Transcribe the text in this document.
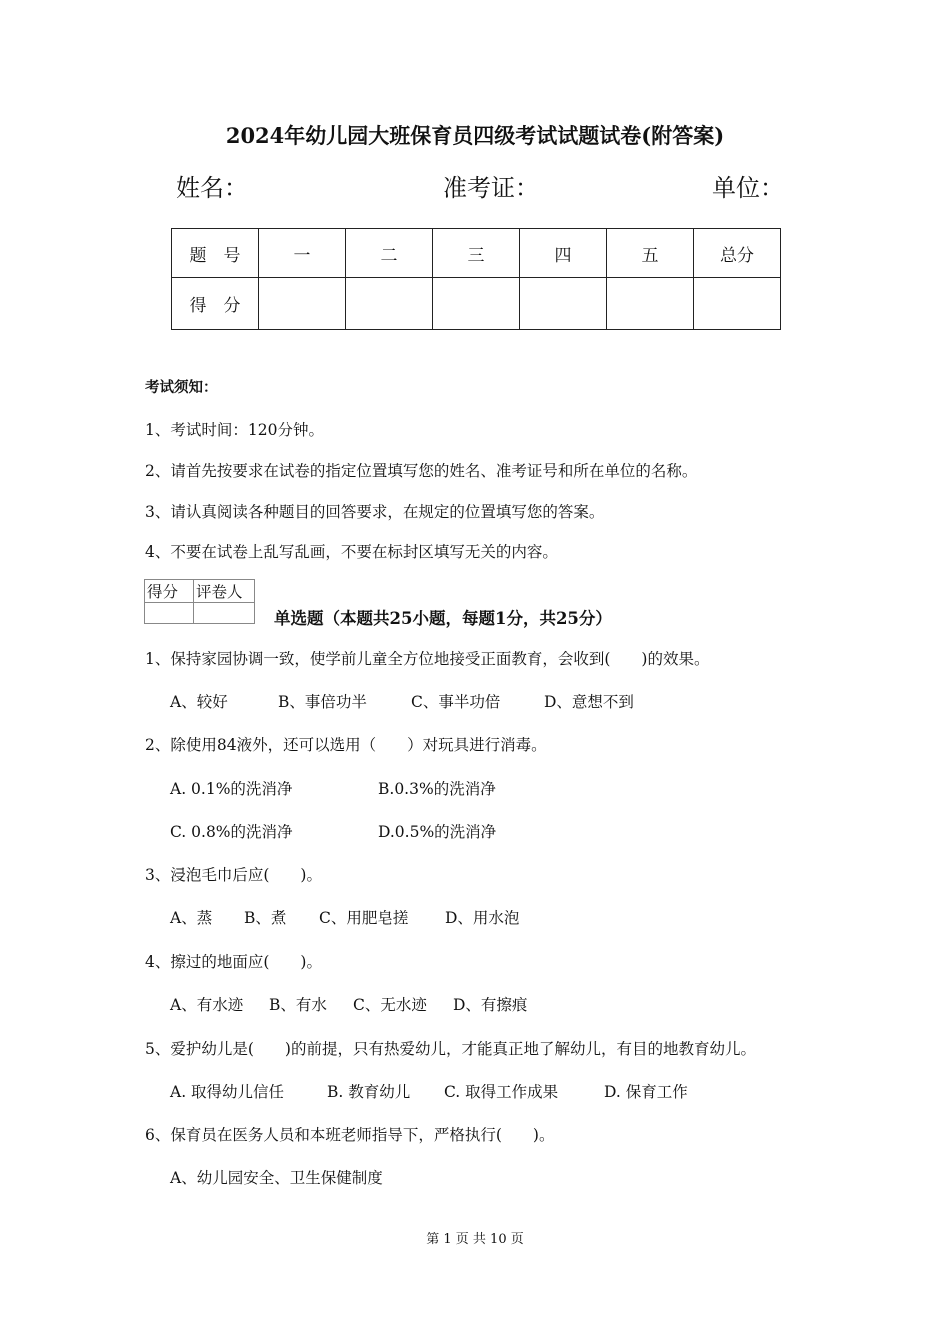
2024年幼儿园大班保育员四级考试试题试卷(附答案)
姓名：	准考证：	单位：
题　号	一	二	三	四	五	总分
得　分						
考试须知：
1、考试时间：120分钟。
2、请首先按要求在试卷的指定位置填写您的姓名、准考证号和所在单位的名称。
3、请认真阅读各种题目的回答要求，在规定的位置填写您的答案。
4、不要在试卷上乱写乱画，不要在标封区填写无关的内容。
得分	评卷人

单选题（本题共25小题，每题1分，共25分）
1、保持家园协调一致，使学前儿童全方位地接受正面教育，会收到(　　)的效果。
A、较好	B、事倍功半	C、事半功倍	D、意想不到
2、除使用84液外，还可以选用（　　）对玩具进行消毒。
A. 0.1%的洗消净	B.0.3%的洗消净
C. 0.8%的洗消净	D.0.5%的洗消净
3、浸泡毛巾后应(　　)。
A、蒸 B、煮 C、用肥皂搓 D、用水泡
4、擦过的地面应(　　)。
A、有水迹 B、有水 C、无水迹 D、有擦痕
5、爱护幼儿是(　　)的前提，只有热爱幼儿，才能真正地了解幼儿，有目的地教育幼儿。
A. 取得幼儿信任	B. 教育幼儿 C. 取得工作成果	D. 保育工作
6、保育员在医务人员和本班老师指导下，严格执行(　　)。
A、幼儿园安全、卫生保健制度
第 1 页 共 10 页
